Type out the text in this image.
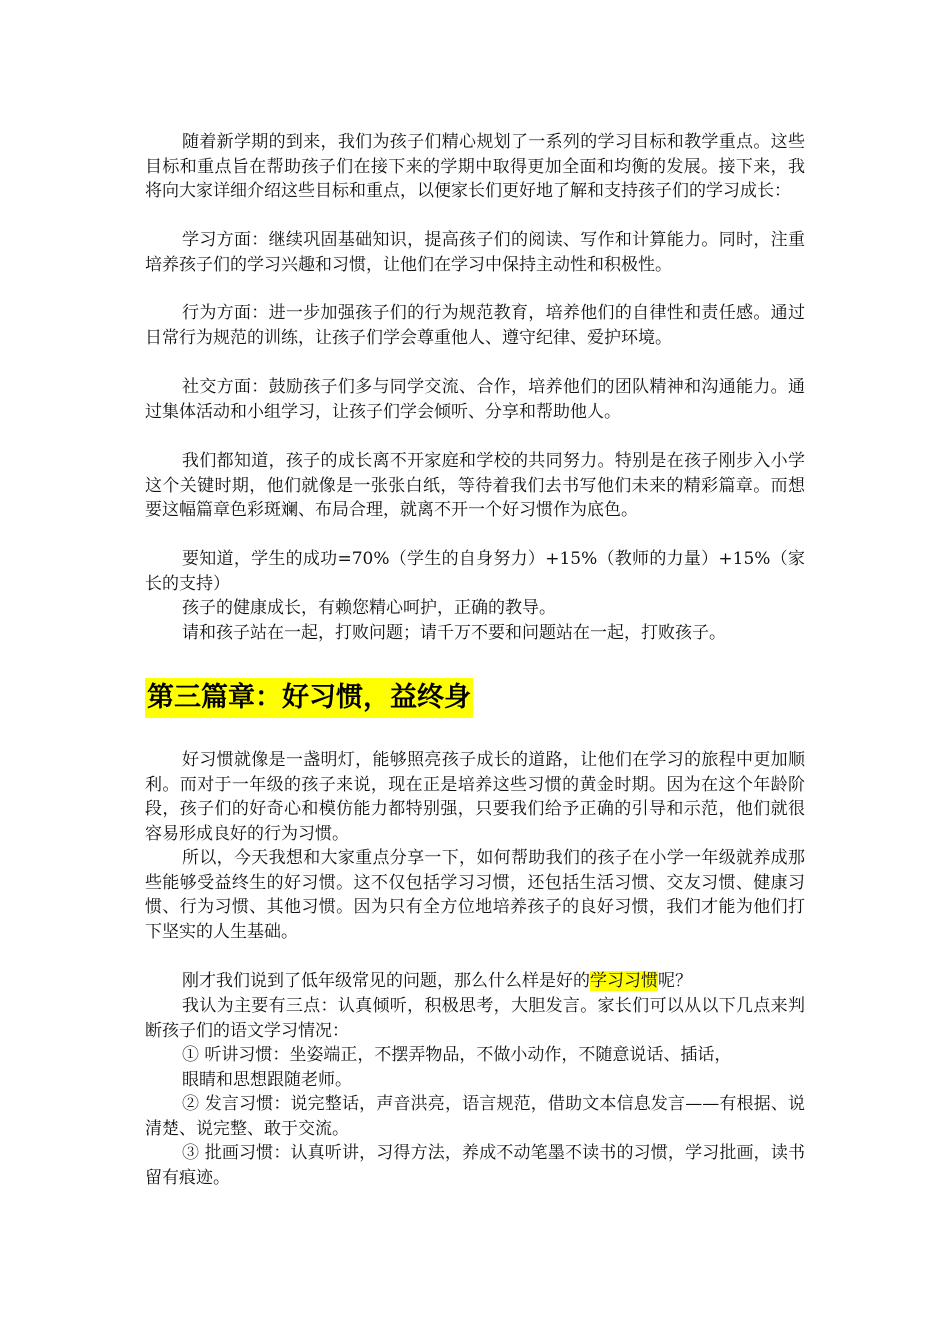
随着新学期的到来，我们为孩子们精心规划了一系列的学习目标和教学重点。这些目标和重点旨在帮助孩子们在接下来的学期中取得更加全面和均衡的发展。接下来，我将向大家详细介绍这些目标和重点，以便家长们更好地了解和支持孩子们的学习成长：

学习方面：继续巩固基础知识，提高孩子们的阅读、写作和计算能力。同时，注重培养孩子们的学习兴趣和习惯，让他们在学习中保持主动性和积极性。

行为方面：进一步加强孩子们的行为规范教育，培养他们的自律性和责任感。通过日常行为规范的训练，让孩子们学会尊重他人、遵守纪律、爱护环境。

社交方面：鼓励孩子们多与同学交流、合作，培养他们的团队精神和沟通能力。通过集体活动和小组学习，让孩子们学会倾听、分享和帮助他人。

我们都知道，孩子的成长离不开家庭和学校的共同努力。特别是在孩子刚步入小学这个关键时期，他们就像是一张张白纸，等待着我们去书写他们未来的精彩篇章。而想要这幅篇章色彩斑斓、布局合理，就离不开一个好习惯作为底色。

要知道，学生的成功=70%（学生的自身努力）+15%（教师的力量）+15%（家长的支持）

孩子的健康成长，有赖您精心呵护，正确的教导。

请和孩子站在一起，打败问题；请千万不要和问题站在一起，打败孩子。

第三篇章：好习惯，益终身

好习惯就像是一盏明灯，能够照亮孩子成长的道路，让他们在学习的旅程中更加顺利。而对于一年级的孩子来说，现在正是培养这些习惯的黄金时期。因为在这个年龄阶段，孩子们的好奇心和模仿能力都特别强，只要我们给予正确的引导和示范，他们就很容易形成良好的行为习惯。

所以，今天我想和大家重点分享一下，如何帮助我们的孩子在小学一年级就养成那些能够受益终生的好习惯。这不仅包括学习习惯，还包括生活习惯、交友习惯、健康习惯、行为习惯、其他习惯。因为只有全方位地培养孩子的良好习惯，我们才能为他们打下坚实的人生基础。

刚才我们说到了低年级常见的问题，那么什么样是好的学习习惯呢？

我认为主要有三点：认真倾听，积极思考，大胆发言。家长们可以从以下几点来判断孩子们的语文学习情况：

① 听讲习惯：坐姿端正，不摆弄物品，不做小动作，不随意说话、插话，
眼睛和思想跟随老师。

② 发言习惯：说完整话，声音洪亮，语言规范，借助文本信息发言——有根据、说清楚、说完整、敢于交流。

③ 批画习惯：认真听讲，习得方法，养成不动笔墨不读书的习惯，学习批画，读书留有痕迹。
